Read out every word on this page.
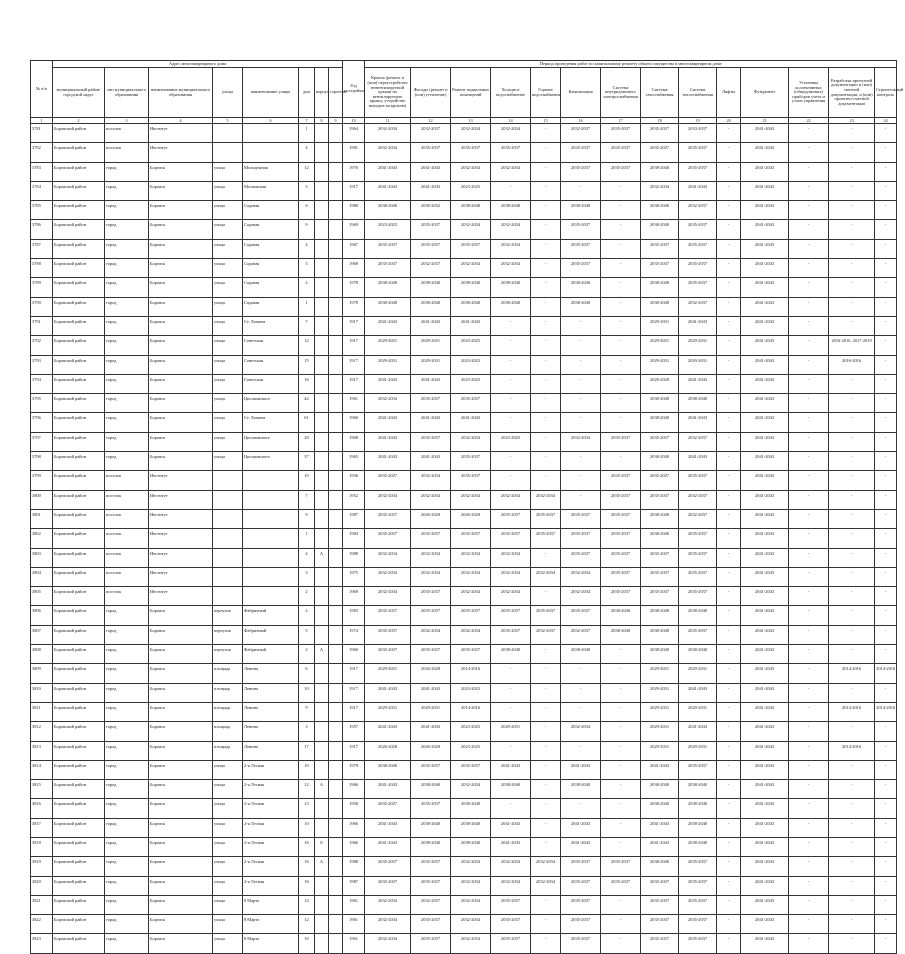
№ п/п	Адрес многоквартирного дома								Год постройки	Период проведения работ по капитальному ремонту общего имущества в многоквартирном доме													
	муниципальный район/городской округ	тип муниципального образования	наименование муниципального образования	улица	наименование улицы	дом	корпус	строение		Крыша (ремонт и (или) переустройство невентилируемой крыши на вентилируемую крышу, устройство выходов на кровлю)	Фасады (ремонт и (или) утепление)	Ремонт подвальных помещений	Холодное водоснабжение	Горячее водоснабжение	Канализация	Система внутридомового электроснабжения	Система газоснабжения	Система теплоснабжения	Лифты	Фундамент	Установка коллективных (общедомовых) приборов учета и узлов управления	Разработка проектной документации и (или) сметной документации, и (или) проектно-сметной документации	Строительный контроль
1	2	3	4	5	6	7	8	9	10	11	12	13	14	15	16	17	18	19	20	21	22	23	24
3781	Боровский район	поселок	Институт			1			1964	2032-2034	2032-2037	2032-2034	2032-2034	-	2032-2037	2035-2037	2035-2037	2033-2037	-	2041-2043	-	-	-
3782	Боровский район	поселок	Институт			4			1981	2032-2034	2035-2037	2035-2037	2035-2037	-	2035-2037	2035-2037	2035-2037	2035-2037	-	2041-2043	-	-	-
3783	Боровский район	город	Боровск	улица	Молодежная	12			1976	2041-2043	2041-2043	2032-2034	2032-2034	-	2035-2037	2035-2037	2038-2040	2035-2037	-	2041-2043	-	-	-
3784	Боровский район	город	Боровск	улица	Московская	3			1917	2041-2043	2041-2043	2023-2025	-	-	-	-	2032-2034	2041-2043	-	2041-2043	-	-	-
3785	Боровский район	город	Боровск	улица	Садовая	6			1980	2038-2040	2030-2032	2038-2040	2038-2040	-	2038-2040	-	2038-2040	2032-2037	-	2041-2043	-	-	-
3786	Боровский район	город	Боровск	улица	Садовая	9			1969	2023-2025	2035-2037	2032-2034	2032-2034	-	2035-2037	-	2038-2040	2035-2037	-	2041-2043	-	-	-
3787	Боровский район	город	Боровск	улица	Садовая	4			1967	2035-2037	2035-2037	2035-2037	2032-2034	-	2035-2037	-	2035-2037	2035-2037	-	2041-2043	-	-	-
3788	Боровский район	город	Боровск	улица	Садовая	3			1968	2035-2037	2032-2037	2032-2034	2032-2034	-	2035-2037	-	2035-2037	2035-2037	-	2041-2043	-	-	-
3789	Боровский район	город	Боровск	улица	Садовая	2			1978	2038-2040	2038-2040	2038-2040	2038-2040	-	2038-2040	-	2038-2040	2035-2037	-	2041-2043	-	-	-
3790	Боровский район	город	Боровск	улица	Садовая	1			1978	2038-2040	2038-2040	2038-2040	2038-2040	-	2038-2040	-	2038-2040	2032-2037	-	2041-2043	-	-	-
3791	Боровский район	город	Боровск	улица	Ст. Лазаева	7			1917	2041-2043	2041-2043	2041-2043	-	-	-	-	2029-2031	2041-2043	-	2041-2043	-	-	-
3792	Боровский район	город	Боровск	улица	Советская	12			1917	2029-2031	2029-2031	2023-2025	-	-	-	-	2029-2031	2029-2031	-	2041-2043	-	2016-2016, 2017-2019	-
3793	Боровский район	город	Боровск	улица	Советская	15			1917	2029-2031	2029-2031	2023-2025	-	-	-	-	2029-2031	2029-2031	-	2041-2043	-	2016-2016	-
3794	Боровский район	город	Боровск	улица	Советская	16			1917	2041-2043	2041-2043	2023-2025	-	-	-	-	2026-2028	2041-2043	-	2041-2043	-	-	-
3795	Боровский район	город	Боровск	улица	Циолковского	42			1961	2032-2034	2035-2037	2035-2037	-	-	-	-	2038-2040	2038-2040	-	2041-2043	-	-	-
3796	Боровский район	город	Боровск	улица	Ст. Лазаева	61			1960	2041-2043	2041-2043	2041-2043	-	-	-	-	2038-2040	2041-2043	-	2041-2043	-	-	-
3797	Боровский район	город	Боровск	улица	Циолковского	20			1968	2041-2043	2035-2037	2032-2034	2023-2025	-	2032-2034	2035-2037	2035-2037	2032-2037	-	2041-2043	-	-	-
3798	Боровский район	город	Боровск	улица	Циолковского	37			1965	2041-2043	2041-2043	2035-2037	-	-	-	-	2038-2040	2041-2043	-	2041-2043	-	-	-
3799	Боровский район	поселок	Институт			10			1936	2035-2037	2032-2034	2035-2037	-	-	-	2035-2037	2035-2037	2035-2037	-	2041-2043	-	-	-
3800	Боровский район	поселок	Институт			7			1952	2032-2034	2032-2034	2032-2034	2032-2034	2032-2034	-	2035-2037	2035-2037	2032-2037	-	2041-2043	-	-	-
3801	Боровский район	поселок	Институт			9			1987	2035-2037	2026-2028	2026-2028	2035-2037	2035-2037	2035-2037	2035-2037	2038-2040	2032-2037	-	2041-2043	-	-	-
3802	Боровский район	поселок	Институт			1			1984	2035-2037	2035-2037	2035-2037	2035-2037	2035-2037	2035-2037	2035-2037	2038-2040	2035-2037	-	2041-2043	-	-	-
3803	Боровский район	поселок	Институт			4	А		1988	2032-2034	2032-2034	2032-2034	2032-2034	-	2035-2037	2035-2037	2035-2037	2035-2037	-	2041-2043	-	-	-
3804	Боровский район	поселок	Институт			3			1975	2032-2034	2032-2034	2032-2034	2032-2034	2032-2034	2032-2034	2035-2037	2035-2037	2035-2037	-	2041-2043	-	-	-
3805	Боровский район	поселок	Институт			2			1969	2032-2034	2035-2037	2032-2034	2032-2034	-	2032-2034	2035-2037	2035-2037	2035-2037	-	2041-2043	-	-	-
3806	Боровский район	город	Боровск	переулок	Фабричный	2			1983	2035-2037	2035-2037	2035-2037	2035-2037	2035-2037	2035-2037	2038-2040	2038-2040	2038-2040	-	2041-2043	-	-	-
3807	Боровский район	город	Боровск	переулок	Фабричный	5			1974	2035-2037	2032-2034	2032-2034	2035-2037	2032-2037	2032-2037	2038-2040	2038-2040	2035-2037	-	2041-2043	-	-	-
3808	Боровский район	город	Боровск	переулок	Фабричный	2	А		1960	2035-2037	2035-2037	2035-2037	2038-2040	-	2038-2040	-	2038-2040	2038-2040	-	2041-2043	-	-	-
3809	Боровский район	город	Боровск	площадь	Ленина	6			1917	2029-2031	2026-2028	2014-2016	-	-	-	-	2029-2031	2029-2031	-	2041-2043	-	2014-2016	2014-2016
3810	Боровский район	город	Боровск	площадь	Ленина	10			1917	2041-2043	2041-2043	2023-2025	-	-	-	-	2029-2031	2041-2043	-	2041-2043	-	-	-
3811	Боровский район	город	Боровск	площадь	Ленина	9			1917	2029-2031	2029-2031	2014-2016	-	-	-	-	2029-2031	2029-2031	-	2041-2043	-	2014-2016	2014-2016
3812	Боровский район	город	Боровск	площадь	Ленина	3			1957	2041-2043	2041-2043	2023-2025	2029-2031	-	2032-2034	-	2029-2031	2041-2043	-	2041-2043	-	-	-
3813	Боровский район	город	Боровск	площадь	Ленина	17			1917	2026-2028	2026-2028	2023-2025	-	-	-	-	2029-2031	2029-2031	-	2041-2043	-	2014-2016	-
3814	Боровский район	город	Боровск	улица	2-я Лесная	10			1979	2038-2040	2035-2037	2035-2037	2041-2043	-	2041-2043	-	2041-2043	2035-2037	-	2041-2043	-	-	-
3815	Боровский район	город	Боровск	улица	2-я Лесная	12	А		1966	2041-2043	2038-2040	2032-2034	2038-2040	-	2038-2040	-	2038-2040	2038-2040	-	2041-2043	-	-	-
3816	Боровский район	город	Боровск	улица	2-я Лесная	13			1958	2035-2037	2035-2037	2038-2040	-	-	-	-	2038-2040	2038-2040	-	2041-2043	-	-	-
3817	Боровский район	город	Боровск	улица	2-я Лесная	10			1966	2041-2043	2038-2040	2038-2040	2041-2043	-	2041-2043	-	2041-2043	2038-2040	-	2041-2043	-	-	-
3818	Боровский район	город	Боровск	улица	2-я Лесная	16	Б		1966	2041-2043	2038-2040	2038-2040	2041-2043	-	2041-2043	-	2041-2043	2038-2040	-	2041-2043	-	-	-
3819	Боровский район	город	Боровск	улица	2-я Лесная	16	А		1988	2035-2037	2035-2037	2032-2034	2032-2034	2032-2034	2035-2037	2035-2037	2038-2040	2035-2037	-	2041-2043	-	-	-
3820	Боровский район	город	Боровск	улица	2-я Лесная	16			1987	2035-2037	2035-2037	2032-2034	2032-2034	2032-2034	2035-2037	2035-2037	2035-2037	2035-2037	-	2041-2043	-	-	-
3821	Боровский район	город	Боровск	улица	8 Марта	14			1961	2032-2034	2032-2037	2032-2034	2035-2037	-	2035-2037	-	2035-2037	2035-2037	-	2041-2043	-	-	-
3822	Боровский район	город	Боровск	улица	8 Марта	12			1961	2032-2034	2035-2037	2032-2034	2035-2037	-	2035-2037	-	2035-2037	2035-2037	-	2041-2043	-	-	-
3823	Боровский район	город	Боровск	улица	8 Марта	10			1961	2032-2034	2035-2037	2032-2034	2035-2037	-	2035-2037	-	2035-2037	2035-2037	-	2041-2043	-	-	-
